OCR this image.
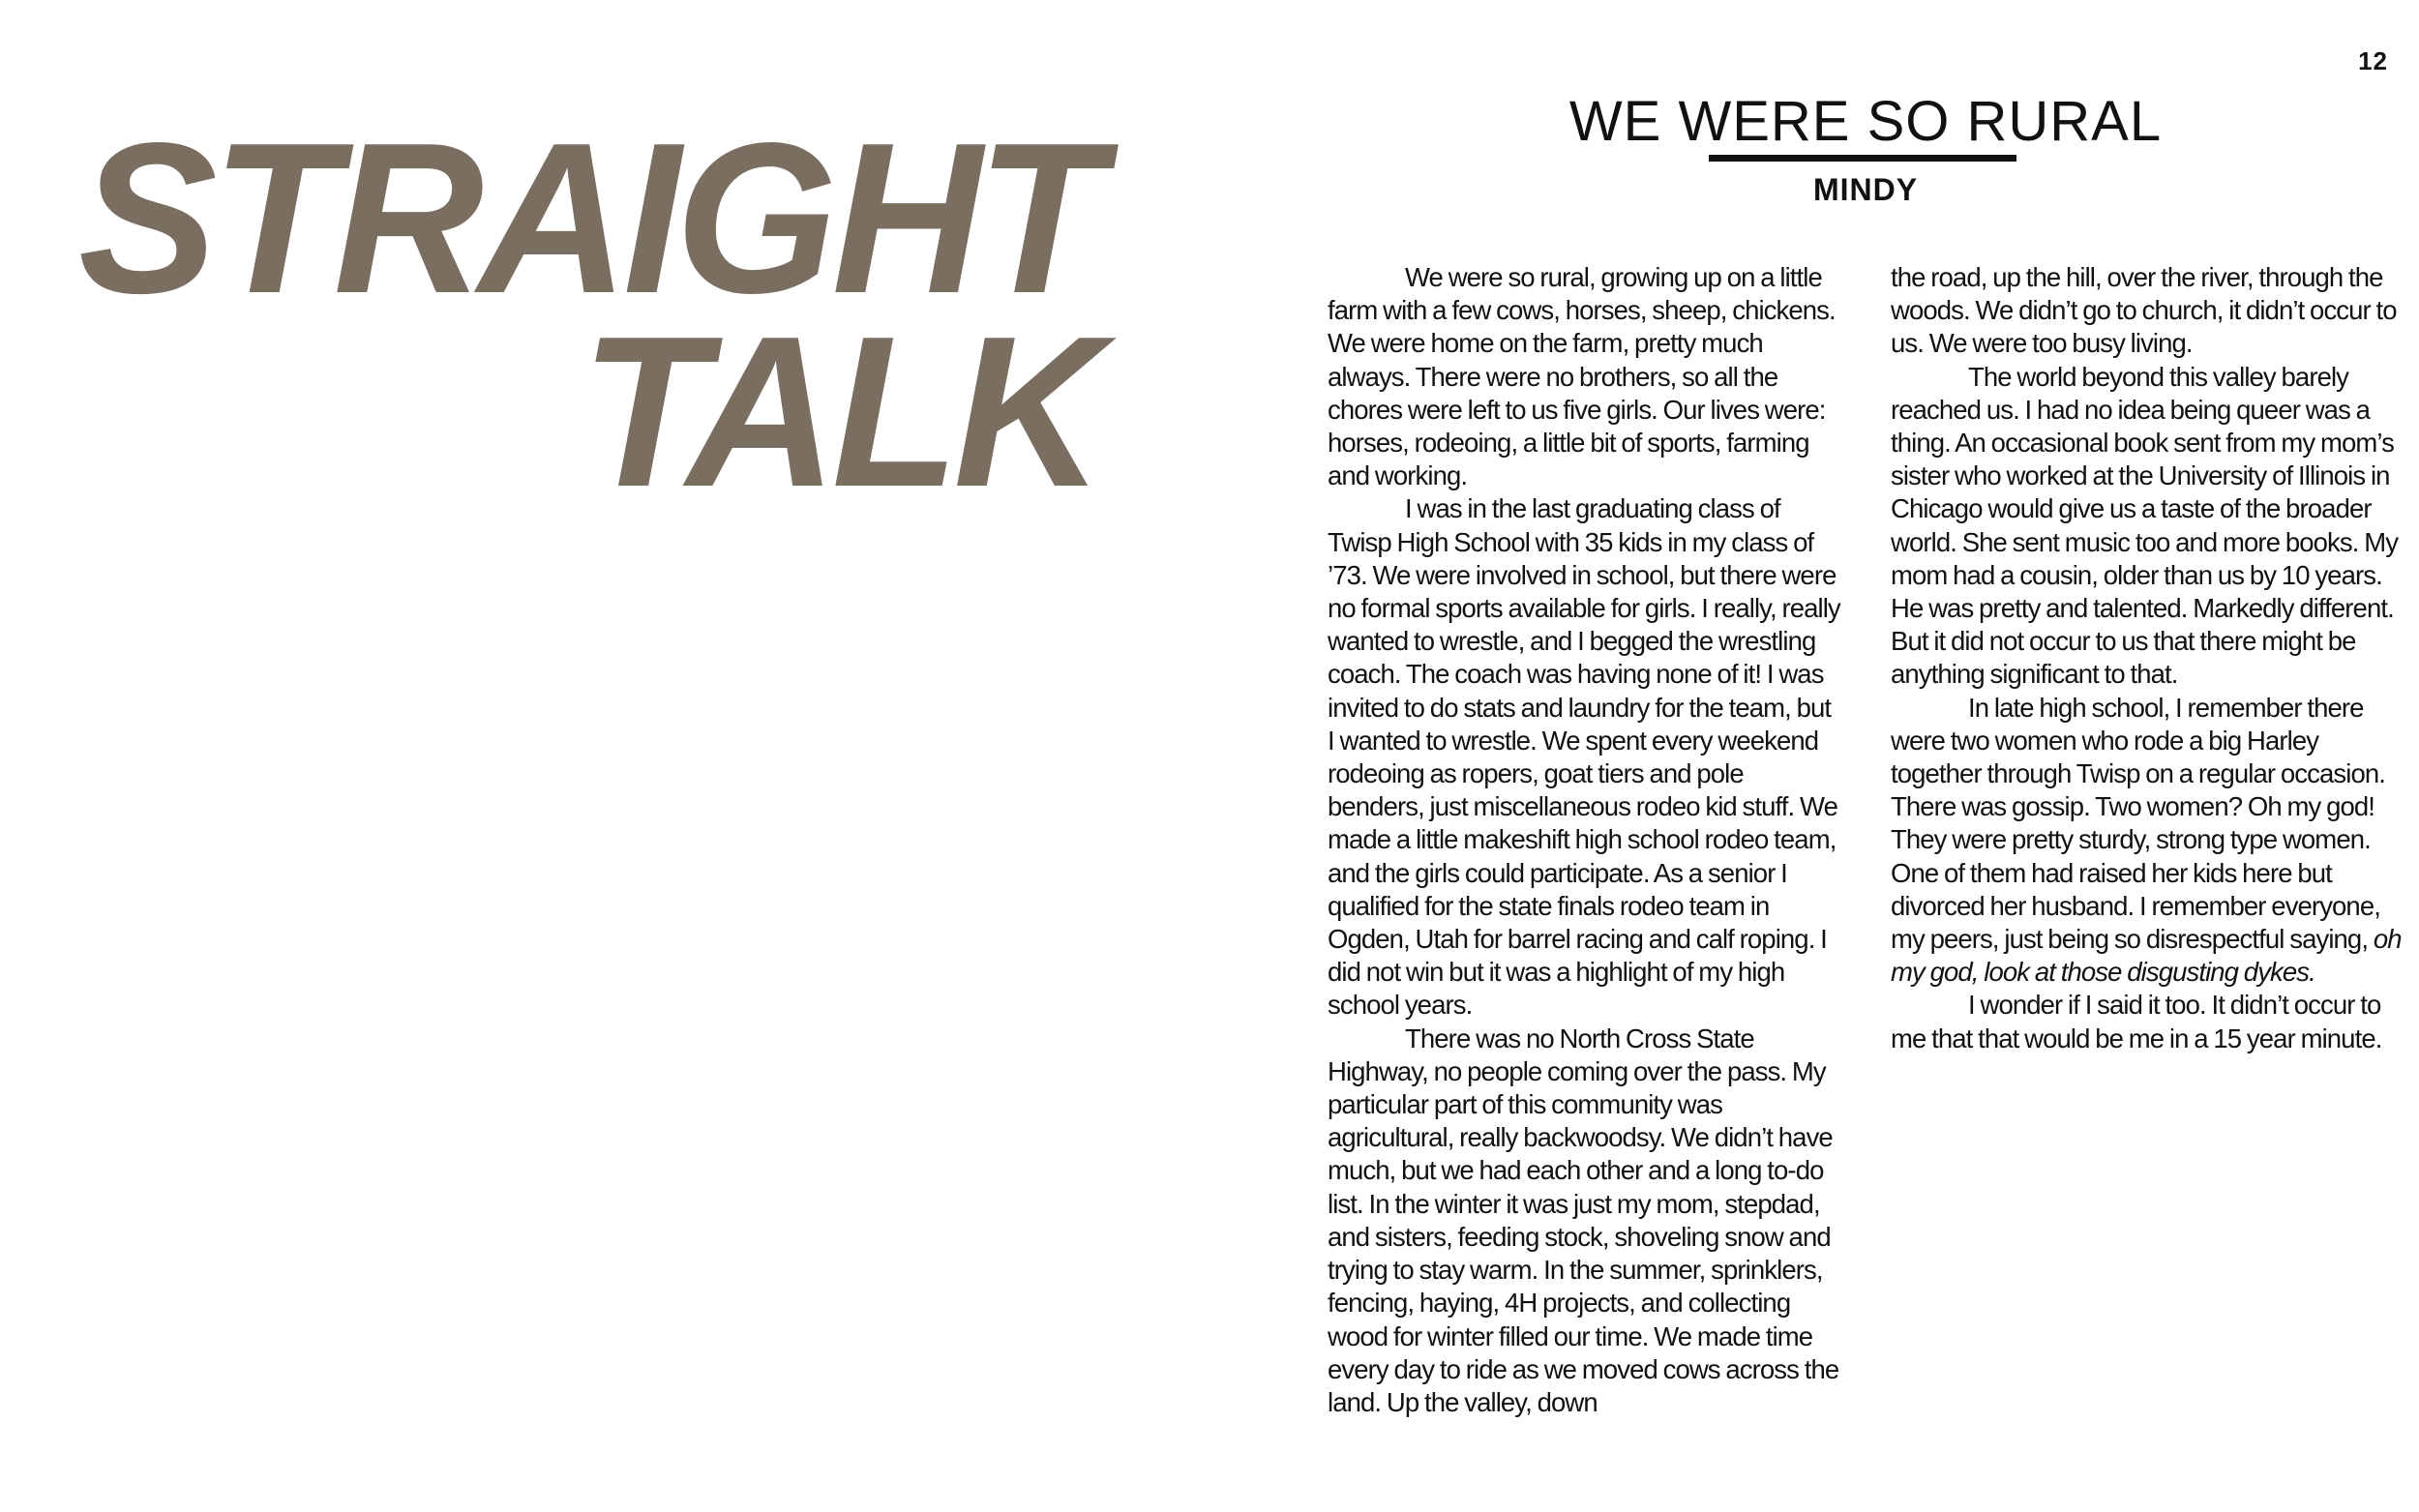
12
STRAIGHT
TALK
WE WERE SO RURAL
MINDY

We were so rural, growing up on a little farm with a few cows, horses, sheep, chickens. We were home on the farm, pretty much always. There were no brothers, so all the chores were left to us five girls. Our lives were: horses, rodeoing, a little bit of sports, farming and working.

I was in the last graduating class of Twisp High School with 35 kids in my class of ’73. We were involved in school, but there were no formal sports available for girls. I really, really wanted to wrestle, and I begged the wrestling coach. The coach was having none of it! I was invited to do stats and laundry for the team, but I wanted to wrestle. We spent every weekend rodeoing as ropers, goat tiers and pole benders, just miscellaneous rodeo kid stuff. We made a little makeshift high school rodeo team, and the girls could participate. As a senior I qualified for the state finals rodeo team in Ogden, Utah for barrel racing and calf roping. I did not win but it was a highlight of my high school years.

There was no North Cross State Highway, no people coming over the pass. My particular part of this community was agricultural, really backwoodsy. We didn’t have much, but we had each other and a long to-do list. In the winter it was just my mom, stepdad, and sisters, feeding stock, shoveling snow and trying to stay warm. In the summer, sprinklers, fencing, haying, 4H projects, and collecting wood for winter filled our time. We made time every day to ride as we moved cows across the land. Up the valley, down

the road, up the hill, over the river, through the woods. We didn’t go to church, it didn’t occur to us. We were too busy living.

The world beyond this valley barely reached us. I had no idea being queer was a thing. An occasional book sent from my mom’s sister who worked at the University of Illinois in Chicago would give us a taste of the broader world. She sent music too and more books. My mom had a cousin, older than us by 10 years. He was pretty and talented. Markedly different. But it did not occur to us that there might be anything significant to that.

In late high school, I remember there were two women who rode a big Harley together through Twisp on a regular occasion. There was gossip. Two women? Oh my god! They were pretty sturdy, strong type women. One of them had raised her kids here but divorced her husband. I remember everyone, my peers, just being so disrespectful saying, oh my god, look at those disgusting dykes.

I wonder if I said it too. It didn’t occur to me that that would be me in a 15 year minute.
